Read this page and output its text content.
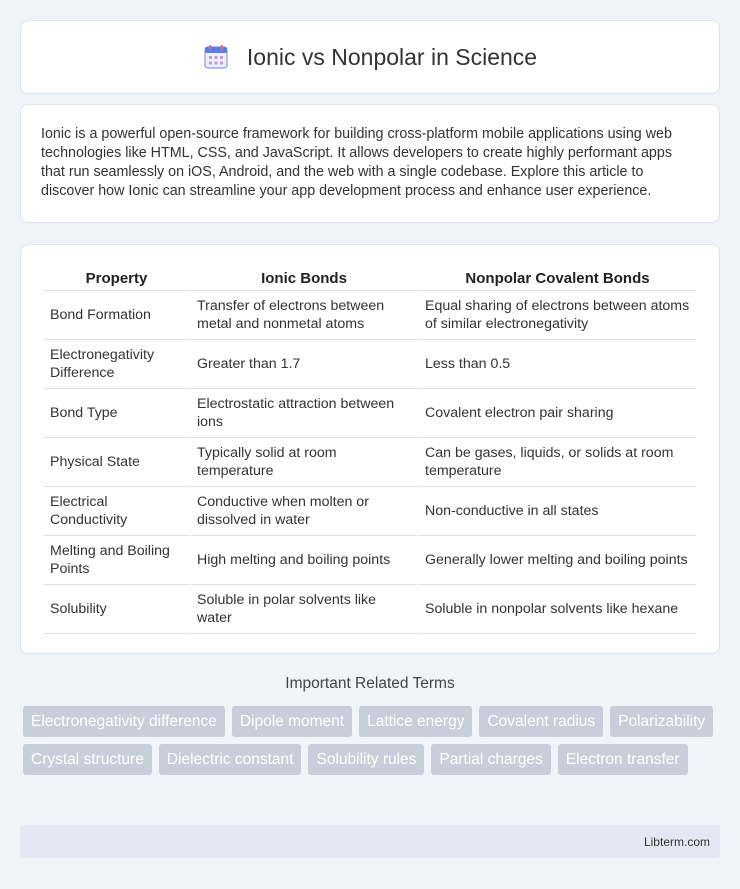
Ionic vs Nonpolar in Science

Ionic is a powerful open-source framework for building cross-platform mobile applications using web technologies like HTML, CSS, and JavaScript. It allows developers to create highly performant apps that run seamlessly on iOS, Android, and the web with a single codebase. Explore this article to discover how Ionic can streamline your app development process and enhance user experience.

Property	Ionic Bonds	Nonpolar Covalent Bonds
Bond Formation	Transfer of electrons between metal and nonmetal atoms	Equal sharing of electrons between atoms of similar electronegativity
Electronegativity Difference	Greater than 1.7	Less than 0.5
Bond Type	Electrostatic attraction between ions	Covalent electron pair sharing
Physical State	Typically solid at room temperature	Can be gases, liquids, or solids at room temperature
Electrical Conductivity	Conductive when molten or dissolved in water	Non-conductive in all states
Melting and Boiling Points	High melting and boiling points	Generally lower melting and boiling points
Solubility	Soluble in polar solvents like water	Soluble in nonpolar solvents like hexane
Important Related Terms
Electronegativity difference	Dipole moment	Lattice energy	Covalent radius	Polarizability
Crystal structure	Dielectric constant	Solubility rules	Partial charges	Electron transfer
Libterm.com
